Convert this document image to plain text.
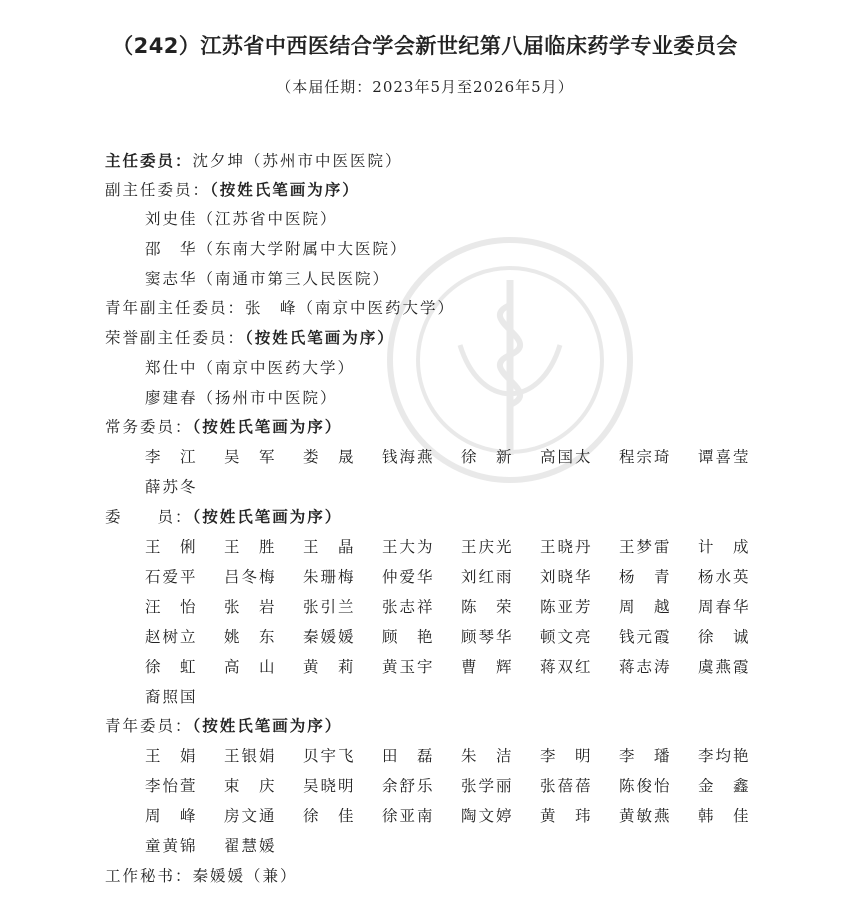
（242）江苏省中西医结合学会新世纪第八届临床药学专业委员会
（本届任期：2023年5月至2026年5月）
主任委员：沈夕坤（苏州市中医医院）
副主任委员：（按姓氏笔画为序）
刘史佳（江苏省中医院）
邵　华（东南大学附属中大医院）
窦志华（南通市第三人民医院）
青年副主任委员：张　峰（南京中医药大学）
荣誉副主任委员：（按姓氏笔画为序）
郑仕中（南京中医药大学）
廖建春（扬州市中医院）
常务委员：（按姓氏笔画为序）
李　江	吴　军	娄　晟	钱海燕	徐　新	高国太	程宗琦	谭喜莹
薛苏冬
委　　员：（按姓氏笔画为序）
王　俐	王　胜	王　晶	王大为	王庆光	王晓丹	王梦雷	计　成
石爱平	吕冬梅	朱珊梅	仲爱华	刘红雨	刘晓华	杨　青	杨水英
汪　怡	张　岩	张引兰	张志祥	陈　荣	陈亚芳	周　越	周春华
赵树立	姚　东	秦媛媛	顾　艳	顾琴华	顿文亮	钱元霞	徐　诚
徐　虹	高　山	黄　莉	黄玉宇	曹　辉	蒋双红	蒋志涛	虞燕霞
裔照国
青年委员：（按姓氏笔画为序）
王　娟	王银娟	贝宇飞	田　磊	朱　洁	李　明	李　璠	李均艳
李怡萱	束　庆	吴晓明	余舒乐	张学丽	张蓓蓓	陈俊怡	金　鑫
周　峰	房文通	徐　佳	徐亚南	陶文婷	黄　玮	黄敏燕	韩　佳
童黄锦	翟慧媛
工作秘书：秦媛媛（兼）
